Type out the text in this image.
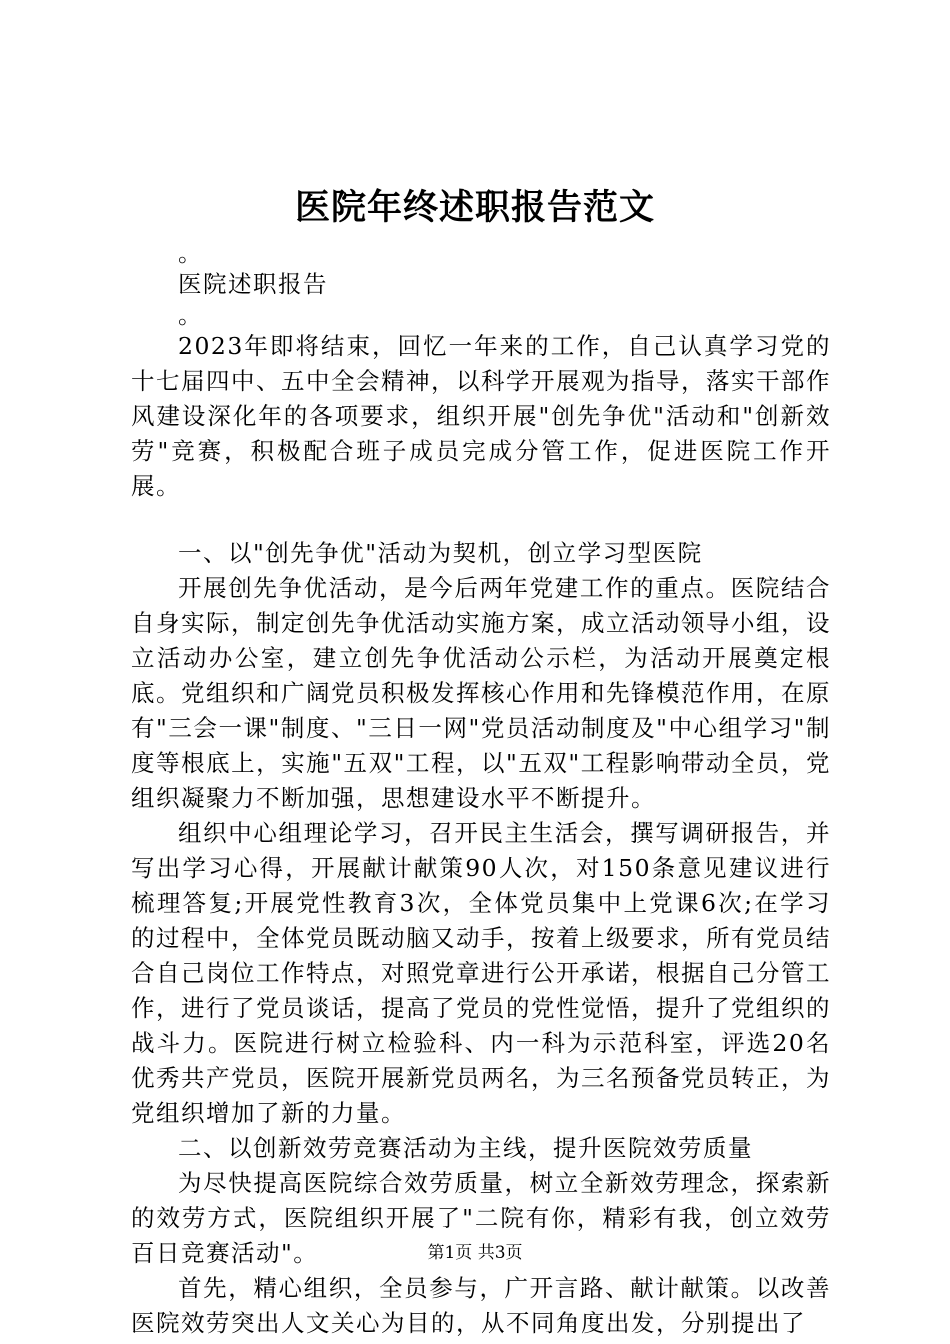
医院年终述职报告范文

。

医院述职报告

。

2023年即将结束，回忆一年来的工作，自己认真学习党的十七届四中、五中全会精神，以科学开展观为指导，落实干部作风建设深化年的各项要求，组织开展"创先争优"活动和"创新效劳"竞赛，积极配合班子成员完成分管工作，促进医院工作开展。

一、以"创先争优"活动为契机，创立学习型医院

开展创先争优活动，是今后两年党建工作的重点。医院结合自身实际，制定创先争优活动实施方案，成立活动领导小组，设立活动办公室，建立创先争优活动公示栏，为活动开展奠定根底。党组织和广阔党员积极发挥核心作用和先锋模范作用，在原有"三会一课"制度、"三日一网"党员活动制度及"中心组学习"制度等根底上，实施"五双"工程，以"五双"工程影响带动全员，党组织凝聚力不断加强，思想建设水平不断提升。

组织中心组理论学习，召开民主生活会，撰写调研报告，并写出学习心得，开展献计献策90人次，对150条意见建议进行梳理答复;开展党性教育3次，全体党员集中上党课6次;在学习的过程中，全体党员既动脑又动手，按着上级要求，所有党员结合自己岗位工作特点，对照党章进行公开承诺，根据自己分管工作，进行了党员谈话，提高了党员的党性觉悟，提升了党组织的战斗力。医院进行树立检验科、内一科为示范科室，评选20名优秀共产党员，医院开展新党员两名，为三名预备党员转正，为党组织增加了新的力量。

二、以创新效劳竞赛活动为主线，提升医院效劳质量

为尽快提高医院综合效劳质量，树立全新效劳理念，探索新的效劳方式，医院组织开展了"二院有你，精彩有我，创立效劳百日竞赛活动"。

首先，精心组织，全员参与，广开言路、献计献策。以改善医院效劳突出人文关心为目的，从不同角度出发，分别提出了

第1页 共3页
